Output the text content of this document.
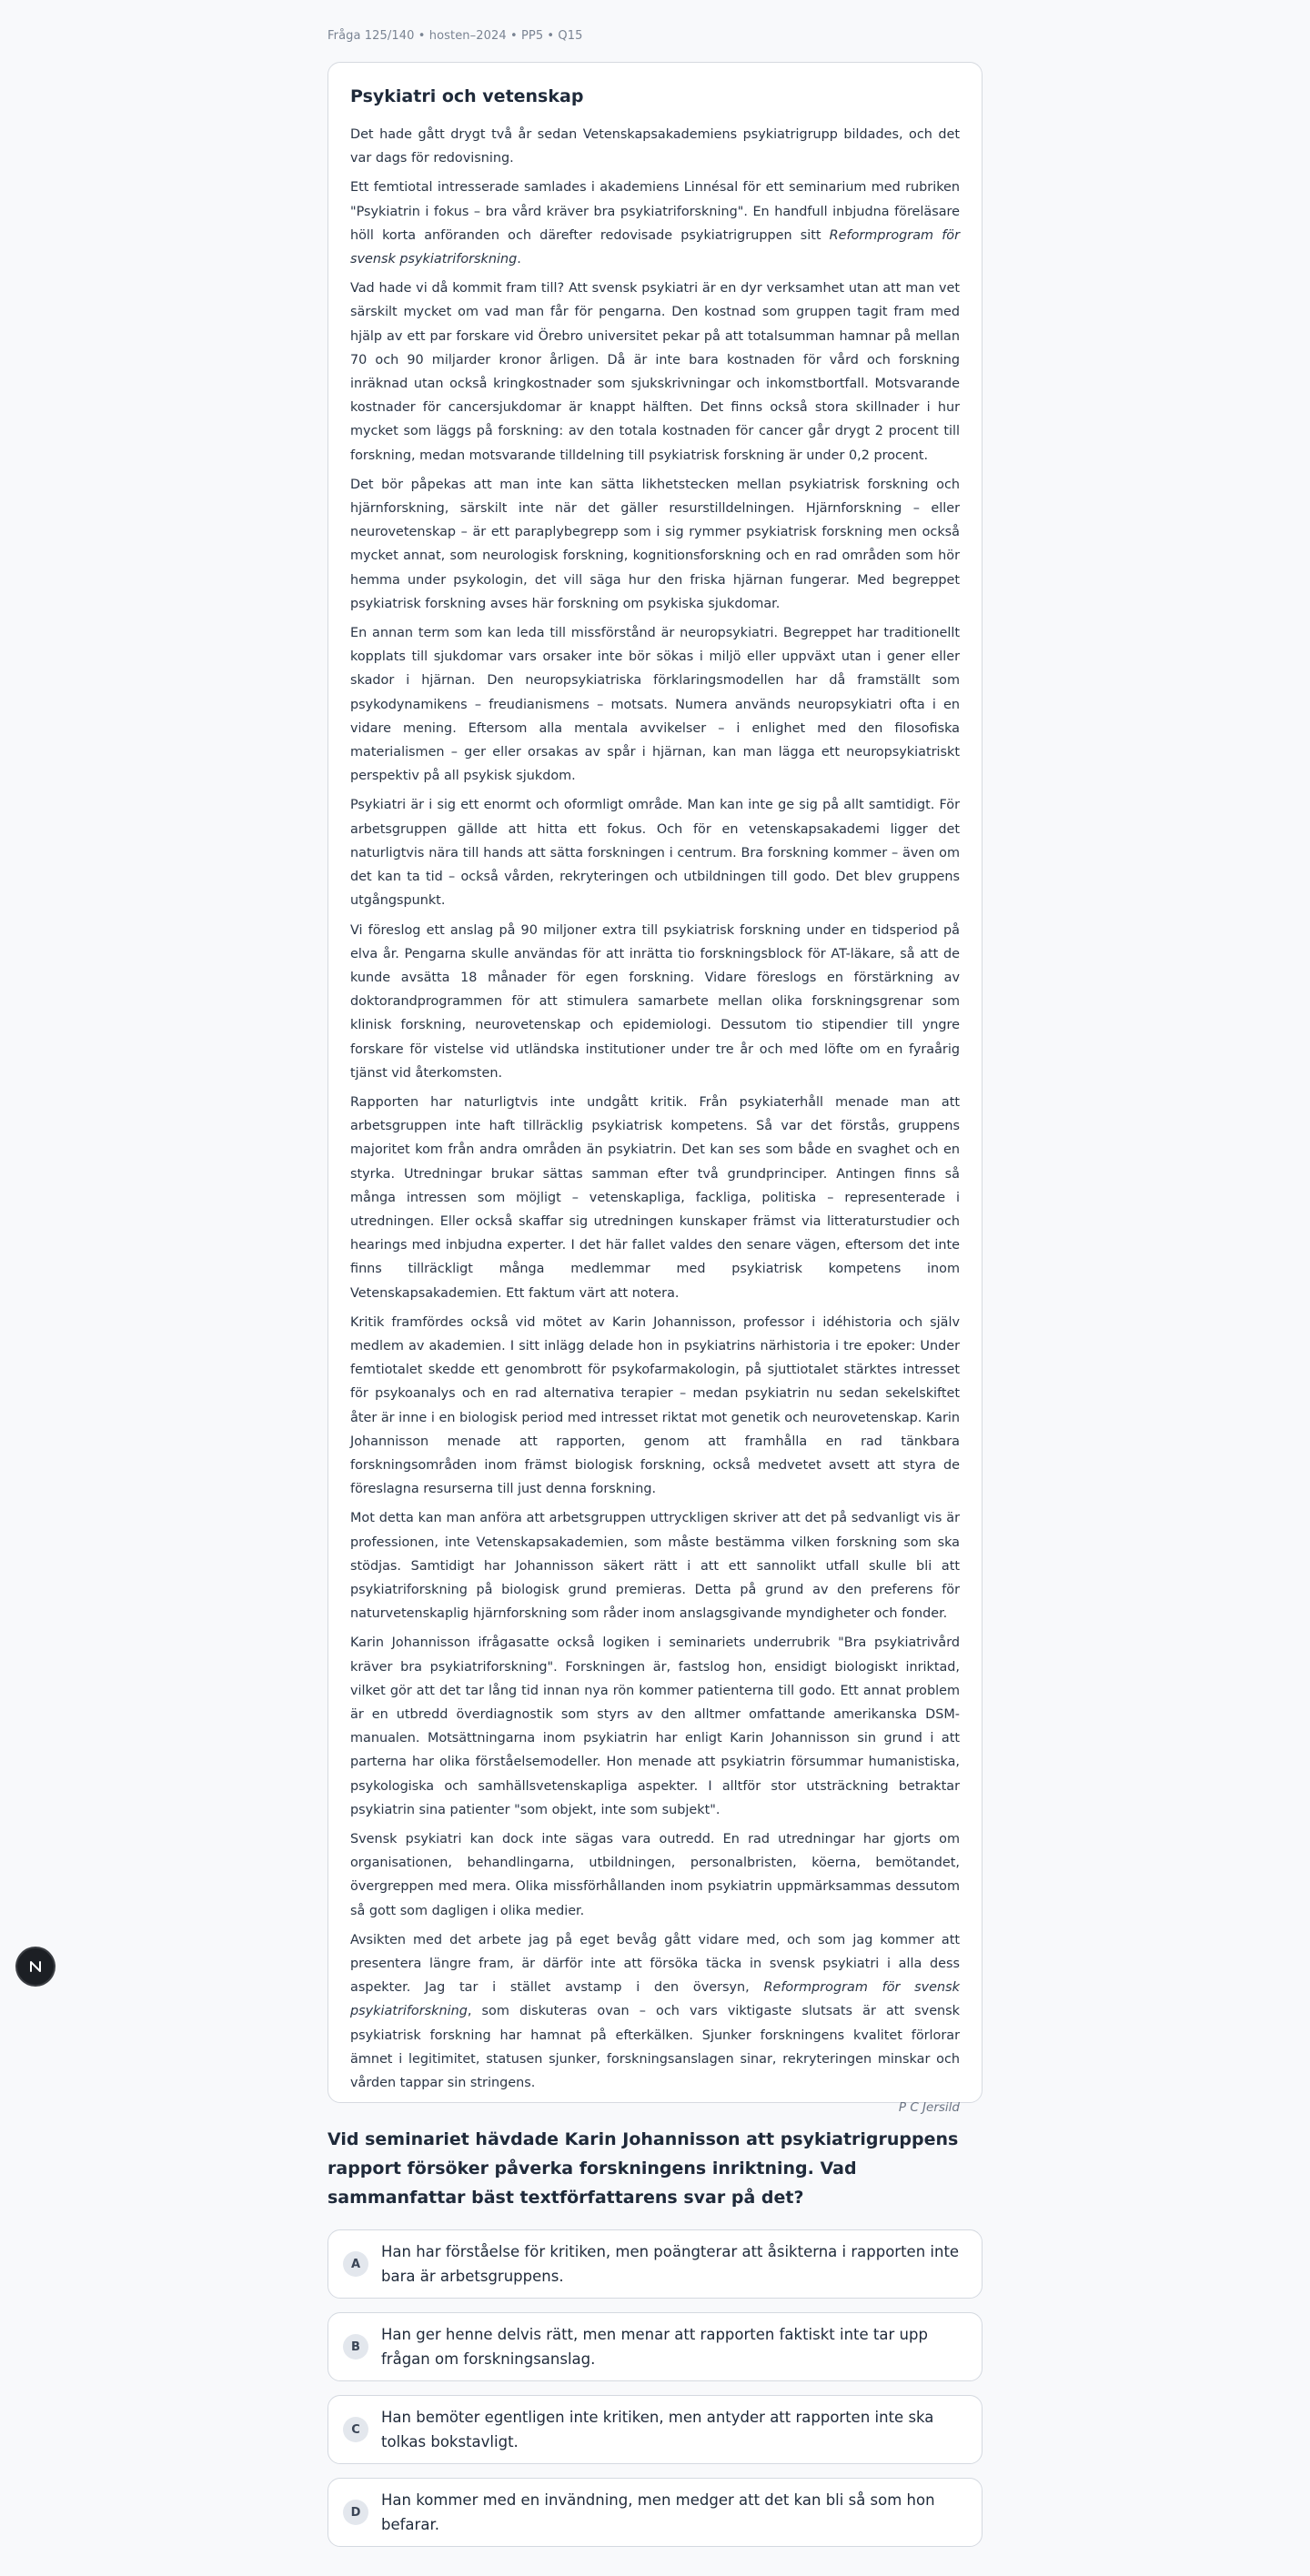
Fråga 125/140 • hosten–2024 • PP5 • Q15
Psykiatri och vetenskap

Det hade gått drygt två år sedan Vetenskapsakademiens psykiatrigrupp bildades, och det var dags för redovisning.

Ett femtiotal intresserade samlades i akademiens Linnésal för ett seminarium med rubriken "Psykiatrin i fokus – bra vård kräver bra psykiatriforskning". En handfull inbjudna föreläsare höll korta anföranden och därefter redovisade psykiatrigruppen sitt Reformprogram för svensk psykiatriforskning.

Vad hade vi då kommit fram till? Att svensk psykiatri är en dyr verksamhet utan att man vet särskilt mycket om vad man får för pengarna. Den kostnad som gruppen tagit fram med hjälp av ett par forskare vid Örebro universitet pekar på att totalsumman hamnar på mellan 70 och 90 miljarder kronor årligen. Då är inte bara kostnaden för vård och forskning inräknad utan också kringkostnader som sjukskrivningar och inkomstbortfall. Motsvarande kostnader för cancersjukdomar är knappt hälften. Det finns också stora skillnader i hur mycket som läggs på forskning: av den totala kostnaden för cancer går drygt 2 procent till forskning, medan motsvarande tilldelning till psykiatrisk forskning är under 0,2 procent.

Det bör påpekas att man inte kan sätta likhetstecken mellan psykiatrisk forskning och hjärnforskning, särskilt inte när det gäller resurstilldelningen. Hjärnforskning – eller neurovetenskap – är ett paraplybegrepp som i sig rymmer psykiatrisk forskning men också mycket annat, som neurologisk forskning, kognitionsforskning och en rad områden som hör hemma under psykologin, det vill säga hur den friska hjärnan fungerar. Med begreppet psykiatrisk forskning avses här forskning om psykiska sjukdomar.

En annan term som kan leda till missförstånd är neuropsykiatri. Begreppet har traditionellt kopplats till sjukdomar vars orsaker inte bör sökas i miljö eller uppväxt utan i gener eller skador i hjärnan. Den neuropsykiatriska förklaringsmodellen har då framställt som psykodynamikens – freudianismens – motsats. Numera används neuropsykiatri ofta i en vidare mening. Eftersom alla mentala avvikelser – i enlighet med den filosofiska materialismen – ger eller orsakas av spår i hjärnan, kan man lägga ett neuropsykiatriskt perspektiv på all psykisk sjukdom.

Psykiatri är i sig ett enormt och oformligt område. Man kan inte ge sig på allt samtidigt. För arbetsgruppen gällde att hitta ett fokus. Och för en vetenskapsakademi ligger det naturligtvis nära till hands att sätta forskningen i centrum. Bra forskning kommer – även om det kan ta tid – också vården, rekryteringen och utbildningen till godo. Det blev gruppens utgångspunkt.

Vi föreslog ett anslag på 90 miljoner extra till psykiatrisk forskning under en tidsperiod på elva år. Pengarna skulle användas för att inrätta tio forskningsblock för AT-läkare, så att de kunde avsätta 18 månader för egen forskning. Vidare föreslogs en förstärkning av doktorandprogrammen för att stimulera samarbete mellan olika forskningsgrenar som klinisk forskning, neurovetenskap och epidemiologi. Dessutom tio stipendier till yngre forskare för vistelse vid utländska institutioner under tre år och med löfte om en fyraårig tjänst vid återkomsten.

Rapporten har naturligtvis inte undgått kritik. Från psykiaterhåll menade man att arbetsgruppen inte haft tillräcklig psykiatrisk kompetens. Så var det förstås, gruppens majoritet kom från andra områden än psykiatrin. Det kan ses som både en svaghet och en styrka. Utredningar brukar sättas samman efter två grundprinciper. Antingen finns så många intressen som möjligt – vetenskapliga, fackliga, politiska – representerade i utredningen. Eller också skaffar sig utredningen kunskaper främst via litteraturstudier och hearings med inbjudna experter. I det här fallet valdes den senare vägen, eftersom det inte finns tillräckligt många medlemmar med psykiatrisk kompetens inom Vetenskapsakademien. Ett faktum värt att notera.

Kritik framfördes också vid mötet av Karin Johannisson, professor i idéhistoria och själv medlem av akademien. I sitt inlägg delade hon in psykiatrins närhistoria i tre epoker: Under femtiotalet skedde ett genombrott för psykofarmakologin, på sjuttiotalet stärktes intresset för psykoanalys och en rad alternativa terapier – medan psykiatrin nu sedan sekelskiftet åter är inne i en biologisk period med intresset riktat mot genetik och neurovetenskap. Karin Johannisson menade att rapporten, genom att framhålla en rad tänkbara forskningsområden inom främst biologisk forskning, också medvetet avsett att styra de föreslagna resurserna till just denna forskning.

Mot detta kan man anföra att arbetsgruppen uttryckligen skriver att det på sedvanligt vis är professionen, inte Vetenskapsakademien, som måste bestämma vilken forskning som ska stödjas. Samtidigt har Johannisson säkert rätt i att ett sannolikt utfall skulle bli att psykiatriforskning på biologisk grund premieras. Detta på grund av den preferens för naturvetenskaplig hjärnforskning som råder inom anslagsgivande myndigheter och fonder.

Karin Johannisson ifrågasatte också logiken i seminariets underrubrik "Bra psykiatrivård kräver bra psykiatriforskning". Forskningen är, fastslog hon, ensidigt biologiskt inriktad, vilket gör att det tar lång tid innan nya rön kommer patienterna till godo. Ett annat problem är en utbredd överdiagnostik som styrs av den alltmer omfattande amerikanska DSM-manualen. Motsättningarna inom psykiatrin har enligt Karin Johannisson sin grund i att parterna har olika förståelsemodeller. Hon menade att psykiatrin försummar humanistiska, psykologiska och samhällsvetenskapliga aspekter. I alltför stor utsträckning betraktar psykiatrin sina patienter "som objekt, inte som subjekt".

Svensk psykiatri kan dock inte sägas vara outredd. En rad utredningar har gjorts om organisationen, behandlingarna, utbildningen, personalbristen, köerna, bemötandet, övergreppen med mera. Olika missförhållanden inom psykiatrin uppmärksammas dessutom så gott som dagligen i olika medier.

Avsikten med det arbete jag på eget bevåg gått vidare med, och som jag kommer att presentera längre fram, är därför inte att försöka täcka in svensk psykiatri i alla dess aspekter. Jag tar i stället avstamp i den översyn, Reformprogram för svensk psykiatriforskning, som diskuteras ovan – och vars viktigaste slutsats är att svensk psykiatrisk forskning har hamnat på efterkälken. Sjunker forskningens kvalitet förlorar ämnet i legitimitet, statusen sjunker, forskningsanslagen sinar, rekryteringen minskar och vården tappar sin stringens.

P C Jersild
Vid seminariet hävdade Karin Johannisson att psykiatrigruppens rapport försöker påverka forskningens inriktning. Vad sammanfattar bäst textförfattarens svar på det?
A
Han har förståelse för kritiken, men poängterar att åsikterna i rapporten inte bara är arbetsgruppens.
B
Han ger henne delvis rätt, men menar att rapporten faktiskt inte tar upp frågan om forskningsanslag.
C
Han bemöter egentligen inte kritiken, men antyder att rapporten inte ska tolkas bokstavligt.
D
Han kommer med en invändning, men medger att det kan bli så som hon befarar.
